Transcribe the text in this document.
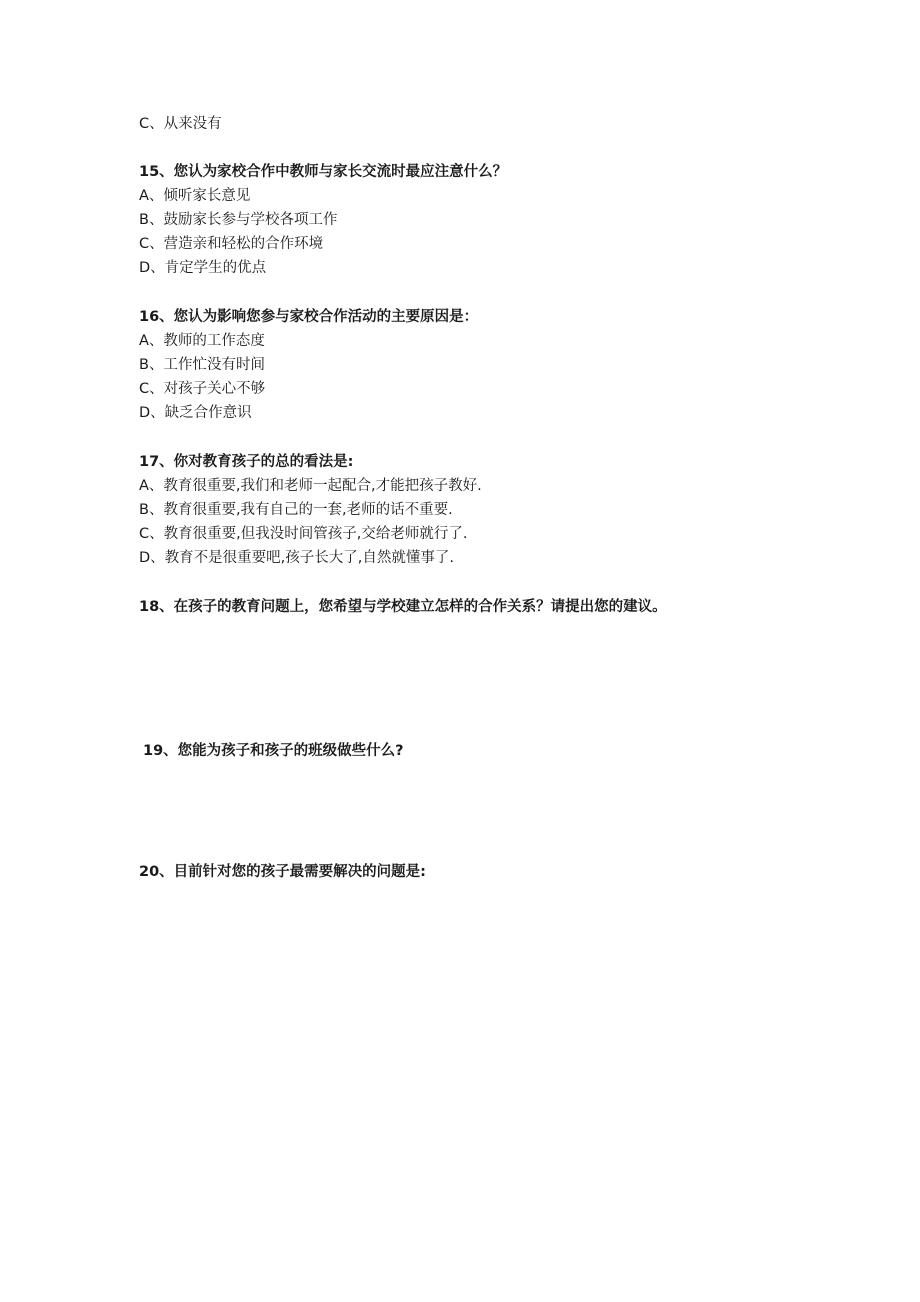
C、从来没有
15、您认为家校合作中教师与家长交流时最应注意什么？
A、倾听家长意见
B、鼓励家长参与学校各项工作
C、营造亲和轻松的合作环境
D、肯定学生的优点
16、您认为影响您参与家校合作活动的主要原因是：
A、教师的工作态度
B、工作忙没有时间
C、对孩子关心不够
D、缺乏合作意识
17、你对教育孩子的总的看法是:
A、教育很重要,我们和老师一起配合,才能把孩子教好.
B、教育很重要,我有自己的一套,老师的话不重要.
C、教育很重要,但我没时间管孩子,交给老师就行了.
D、教育不是很重要吧,孩子长大了,自然就懂事了.
18、在孩子的教育问题上，您希望与学校建立怎样的合作关系？请提出您的建议。
19、您能为孩子和孩子的班级做些什么?
20、目前针对您的孩子最需要解决的问题是:
